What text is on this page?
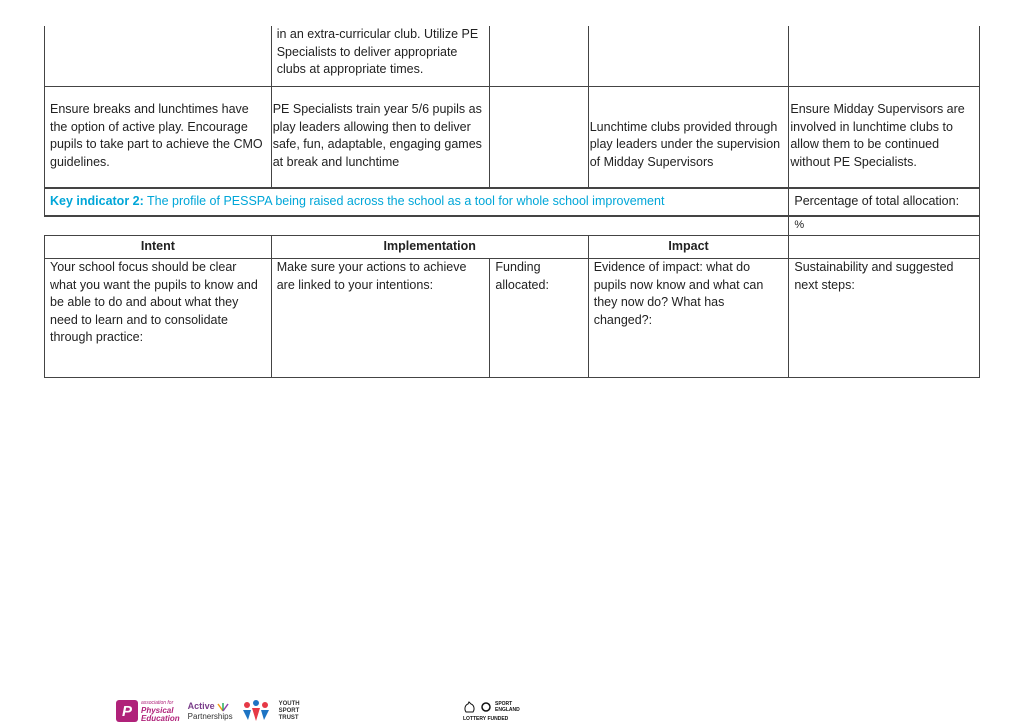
	in an extra-curricular club. Utilize PE Specialists to deliver appropriate clubs at appropriate times.			
Ensure breaks and lunchtimes have the option of active play. Encourage pupils to take part to achieve the CMO guidelines.	PE Specialists train year 5/6 pupils as play leaders allowing then to deliver safe, fun, adaptable, engaging games at break and lunchtime		Lunchtime clubs provided through play leaders under the supervision of Midday Supervisors	Ensure Midday Supervisors are involved in lunchtime clubs to allow them to be continued without PE Specialists.
Key indicator 2: The profile of PESSPA being raised across the school as a tool for whole school improvement				Percentage of total allocation:
				%
Intent	Implementation		Impact	
Your school focus should be clear what you want the pupils to know and be able to do and about what they need to learn and to consolidate through practice:	Make sure your actions to achieve are linked to your intentions:	Funding allocated:	Evidence of impact: what do pupils now know and what can they now do? What has changed?:	Sustainability and suggested next steps:
P	association for
Physical
Education
Active
Partnerships
YOUTH
SPORT
TRUST
SPORT
ENGLAND
LOTTERY FUNDED
